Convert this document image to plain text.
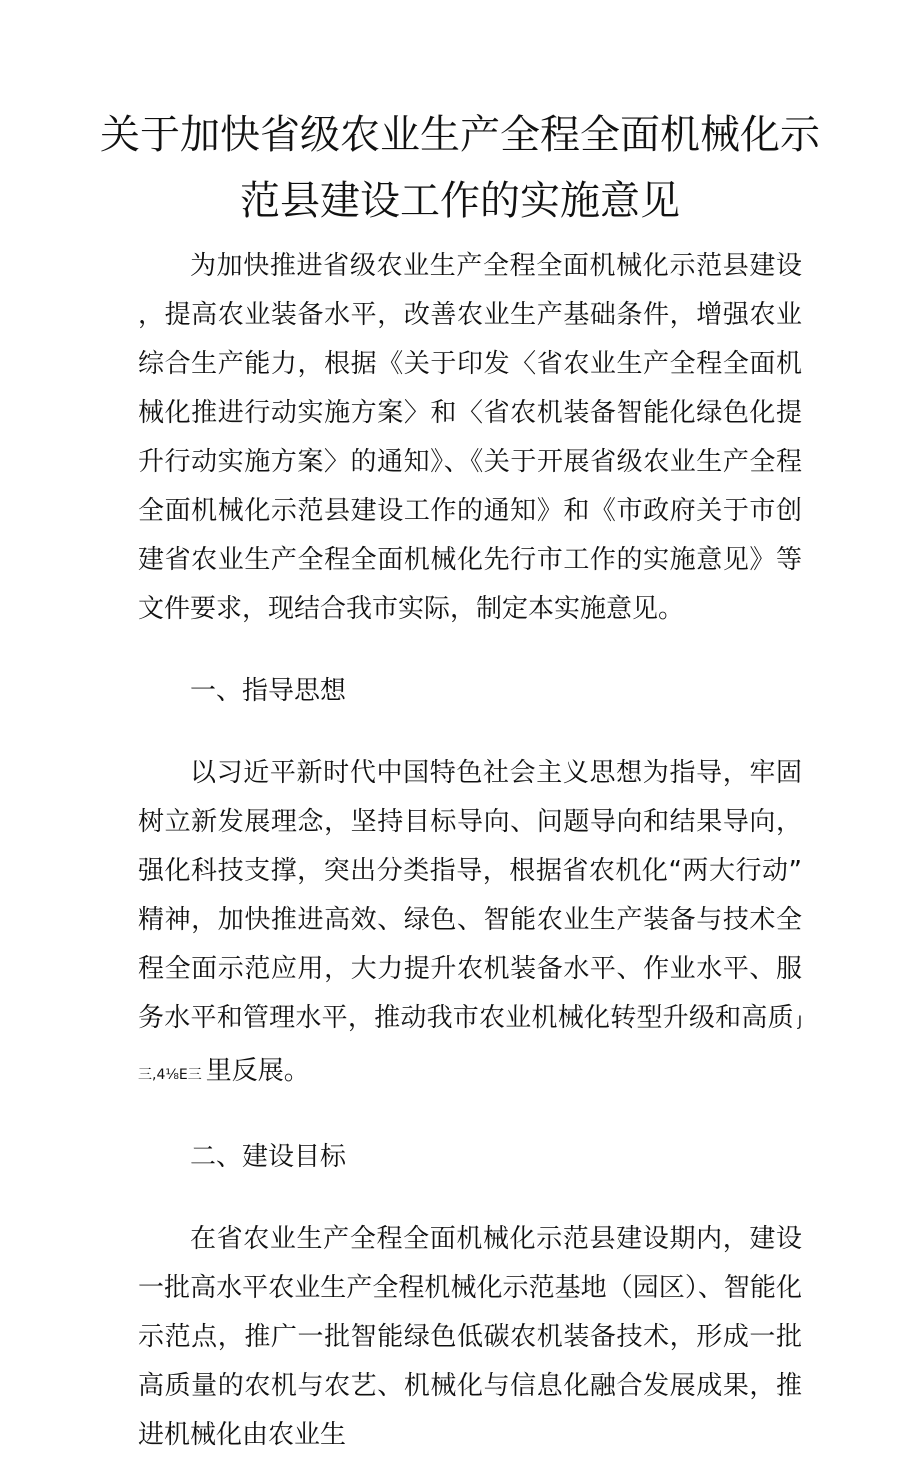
关于加快省级农业生产全程全面机械化示
范县建设工作的实施意见

为加快推进省级农业生产全程全面机械化示范县建设，提高农业装备水平，改善农业生产基础条件，增强农业综合生产能力，根据《关于印发〈省农业生产全程全面机械化推进行动实施方案〉和〈省农机装备智能化绿色化提升行动实施方案〉的通知》、《关于开展省级农业生产全程全面机械化示范县建设工作的通知》和《市政府关于市创建省农业生产全程全面机械化先行市工作的实施意见》等文件要求，现结合我市实际，制定本实施意见。

一、指导思想

以习近平新时代中国特色社会主义思想为指导，牢固树立新发展理念，坚持目标导向、问题导向和结果导向，强化科技支撑，突出分类指导，根据省农机化“两大行动”精神，加快推进高效、绿色、智能农业生产装备与技术全程全面示范应用，大力提升农机装备水平、作业水平、服务水平和管理水平，推动我市农业机械化转型升级和高质 J三,4⅛E三 里反展。

二、建设目标

在省农业生产全程全面机械化示范县建设期内，建设一批高水平农业生产全程机械化示范基地（园区）、智能化示范点，推广一批智能绿色低碳农机装备技术，形成一批高质量的农机与农艺、机械化与信息化融合发展成果，推进机械化由农业生
